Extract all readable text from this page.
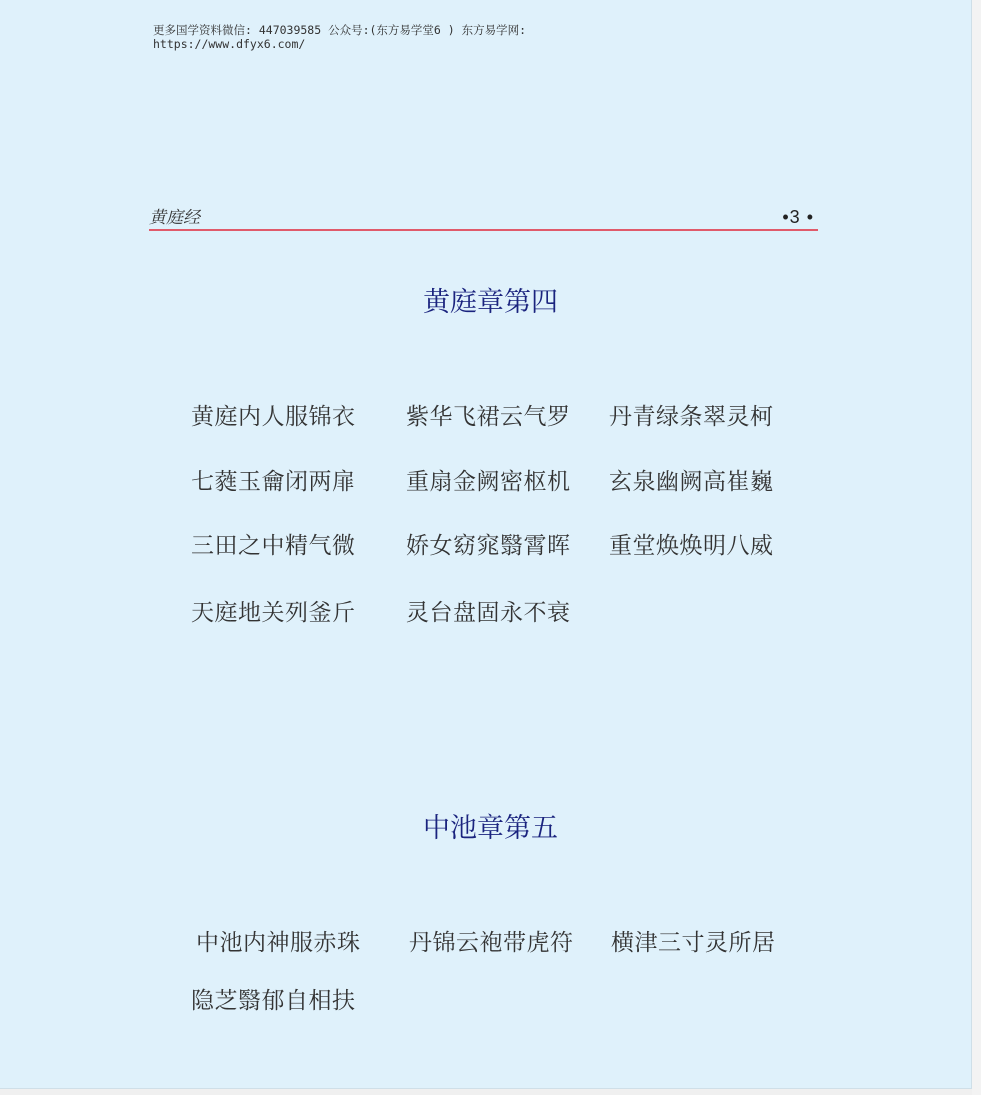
更多国学资料微信: 447039585 公众号:(东方易学堂6 ) 东方易学网:
https://www.dfyx6.com/
黄庭经	•3 •
黄庭章第四
黄庭内人服锦衣 紫华飞裙云气罗 丹青绿条翠灵柯
七蕤玉龠闭两扉 重扇金阙密枢机 玄泉幽阙高崔巍
三田之中精气微 娇女窈窕翳霄晖 重堂焕焕明八威
天庭地关列釜斤 灵台盘固永不衰
中池章第五
中池内神服赤珠 丹锦云袍带虎符 横津三寸灵所居
隐芝翳郁自相扶
